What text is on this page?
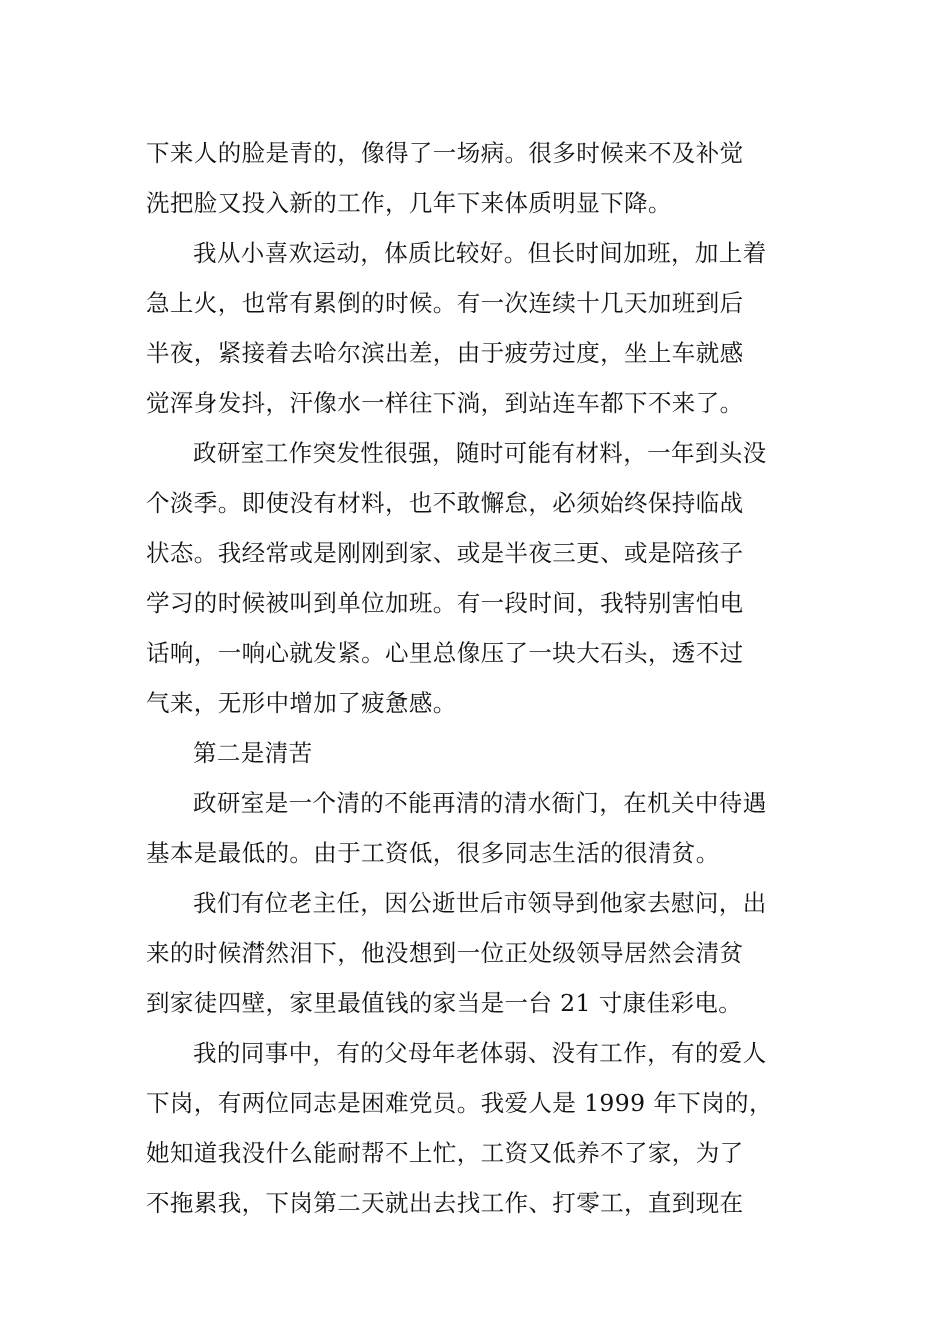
下来人的脸是青的，像得了一场病。很多时候来不及补觉
洗把脸又投入新的工作，几年下来体质明显下降。

我从小喜欢运动，体质比较好。但长时间加班，加上着
急上火，也常有累倒的时候。有一次连续十几天加班到后
半夜，紧接着去哈尔滨出差，由于疲劳过度，坐上车就感
觉浑身发抖，汗像水一样往下淌，到站连车都下不来了。

政研室工作突发性很强，随时可能有材料，一年到头没
个淡季。即使没有材料，也不敢懈怠，必须始终保持临战
状态。我经常或是刚刚到家、或是半夜三更、或是陪孩子
学习的时候被叫到单位加班。有一段时间，我特别害怕电
话响，一响心就发紧。心里总像压了一块大石头，透不过
气来，无形中增加了疲惫感。

第二是清苦

政研室是一个清的不能再清的清水衙门，在机关中待遇
基本是最低的。由于工资低，很多同志生活的很清贫。

我们有位老主任，因公逝世后市领导到他家去慰问，出
来的时候潸然泪下，他没想到一位正处级领导居然会清贫
到家徒四壁，家里最值钱的家当是一台 21 寸康佳彩电。

我的同事中，有的父母年老体弱、没有工作，有的爱人
下岗，有两位同志是困难党员。我爱人是 1999 年下岗的，
她知道我没什么能耐帮不上忙，工资又低养不了家，为了
不拖累我，下岗第二天就出去找工作、打零工，直到现在
